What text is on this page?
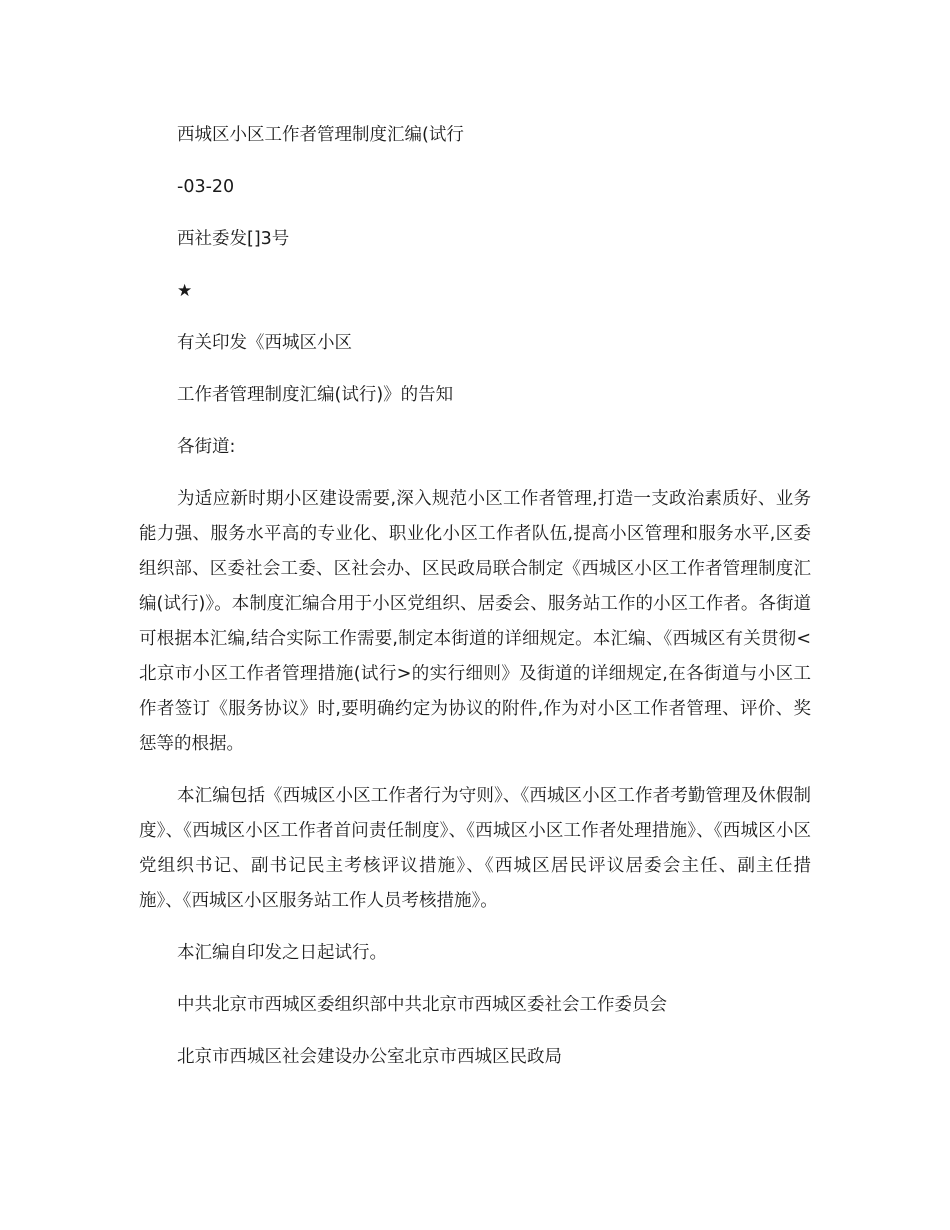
西城区小区工作者管理制度汇编(试行
-03-20
西社委发[]3号
★
有关印发《西城区小区
工作者管理制度汇编(试行)》的告知
各街道:
为适应新时期小区建设需要,深入规范小区工作者管理,打造一支政治素质好、业务能力强、服务水平高的专业化、职业化小区工作者队伍,提高小区管理和服务水平,区委组织部、区委社会工委、区社会办、区民政局联合制定《西城区小区工作者管理制度汇编(试行)》。本制度汇编合用于小区党组织、居委会、服务站工作的小区工作者。各街道可根据本汇编,结合实际工作需要,制定本街道的详细规定。本汇编、《西城区有关贯彻<北京市小区工作者管理措施(试行>的实行细则》及街道的详细规定,在各街道与小区工作者签订《服务协议》时,要明确约定为协议的附件,作为对小区工作者管理、评价、奖惩等的根据。
本汇编包括《西城区小区工作者行为守则》、《西城区小区工作者考勤管理及休假制度》、《西城区小区工作者首问责任制度》、《西城区小区工作者处理措施》、《西城区小区党组织书记、副书记民主考核评议措施》、《西城区居民评议居委会主任、副主任措施》、《西城区小区服务站工作人员考核措施》。
本汇编自印发之日起试行。
中共北京市西城区委组织部中共北京市西城区委社会工作委员会
北京市西城区社会建设办公室北京市西城区民政局
